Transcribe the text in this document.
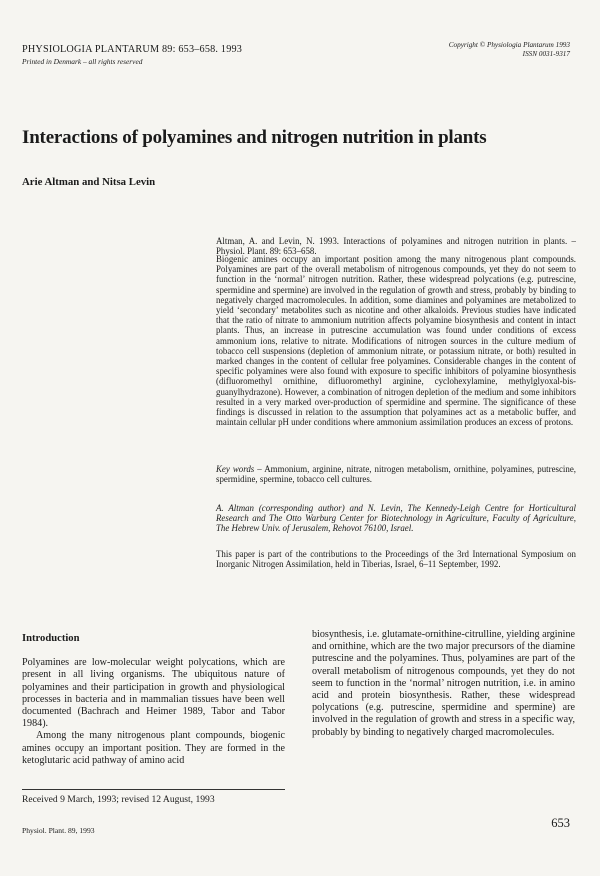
PHYSIOLOGIA PLANTARUM 89: 653–658. 1993
Printed in Denmark – all rights reserved
Copyright © Physiologia Plantarum 1993
ISSN 0031-9317
Interactions of polyamines and nitrogen nutrition in plants
Arie Altman and Nitsa Levin

Altman, A. and Levin, N. 1993. Interactions of polyamines and nitrogen nutrition in plants. – Physiol. Plant. 89: 653–658.

Biogenic amines occupy an important position among the many nitrogenous plant compounds. Polyamines are part of the overall metabolism of nitrogenous compounds, yet they do not seem to function in the ‘normal’ nitrogen nutrition. Rather, these widespread polycations (e.g. putrescine, spermidine and spermine) are involved in the regulation of growth and stress, probably by binding to negatively charged macromolecules. In addition, some diamines and polyamines are metabolized to yield ‘secondary’ metabolites such as nicotine and other alkaloids. Previous studies have indicated that the ratio of nitrate to ammonium nutrition affects polyamine biosynthesis and content in intact plants. Thus, an increase in putrescine accumulation was found under conditions of excess ammonium ions, relative to nitrate. Modifications of nitrogen sources in the culture medium of tobacco cell suspensions (depletion of ammonium nitrate, or potassium nitrate, or both) resulted in marked changes in the content of cellular free polyamines. Considerable changes in the content of specific polyamines were also found with exposure to specific inhibitors of polyamine biosynthesis (difluoromethyl ornithine, difluoromethyl arginine, cyclohexylamine, methylglyoxal-bis-guanylhydrazone). However, a combination of nitrogen depletion of the medium and some inhibitors resulted in a very marked over-production of spermidine and spermine. The significance of these findings is discussed in relation to the assumption that polyamines act as a metabolic buffer, and maintain cellular pH under conditions where ammonium assimilation produces an excess of protons.

Key words – Ammonium, arginine, nitrate, nitrogen metabolism, ornithine, polyamines, putrescine, spermidine, spermine, tobacco cell cultures.

A. Altman (corresponding author) and N. Levin, The Kennedy-Leigh Centre for Horticultural Research and The Otto Warburg Center for Biotechnology in Agriculture, Faculty of Agriculture, The Hebrew Univ. of Jerusalem, Rehovot 76100, Israel.

This paper is part of the contributions to the Proceedings of the 3rd International Symposium on Inorganic Nitrogen Assimilation, held in Tiberias, Israel, 6–11 September, 1992.

Introduction

Polyamines are low-molecular weight polycations, which are present in all living organisms. The ubiquitous nature of polyamines and their participation in growth and physiological processes in bacteria and in mammalian tissues have been well documented (Bachrach and Heimer 1989, Tabor and Tabor 1984).

Among the many nitrogenous plant compounds, biogenic amines occupy an important position. They are formed in the ketoglutaric acid pathway of amino acid

biosynthesis, i.e. glutamate-ornithine-citrulline, yielding arginine and ornithine, which are the two major precursors of the diamine putrescine and the polyamines. Thus, polyamines are part of the overall metabolism of nitrogenous compounds, yet they do not seem to function in the ‘normal’ nitrogen nutrition, i.e. in amino acid and protein biosynthesis. Rather, these widespread polycations (e.g. putrescine, spermidine and spermine) are involved in the regulation of growth and stress in a specific way, probably by binding to negatively charged macromolecules.

Received 9 March, 1993; revised 12 August, 1993
Physiol. Plant. 89, 1993
653
